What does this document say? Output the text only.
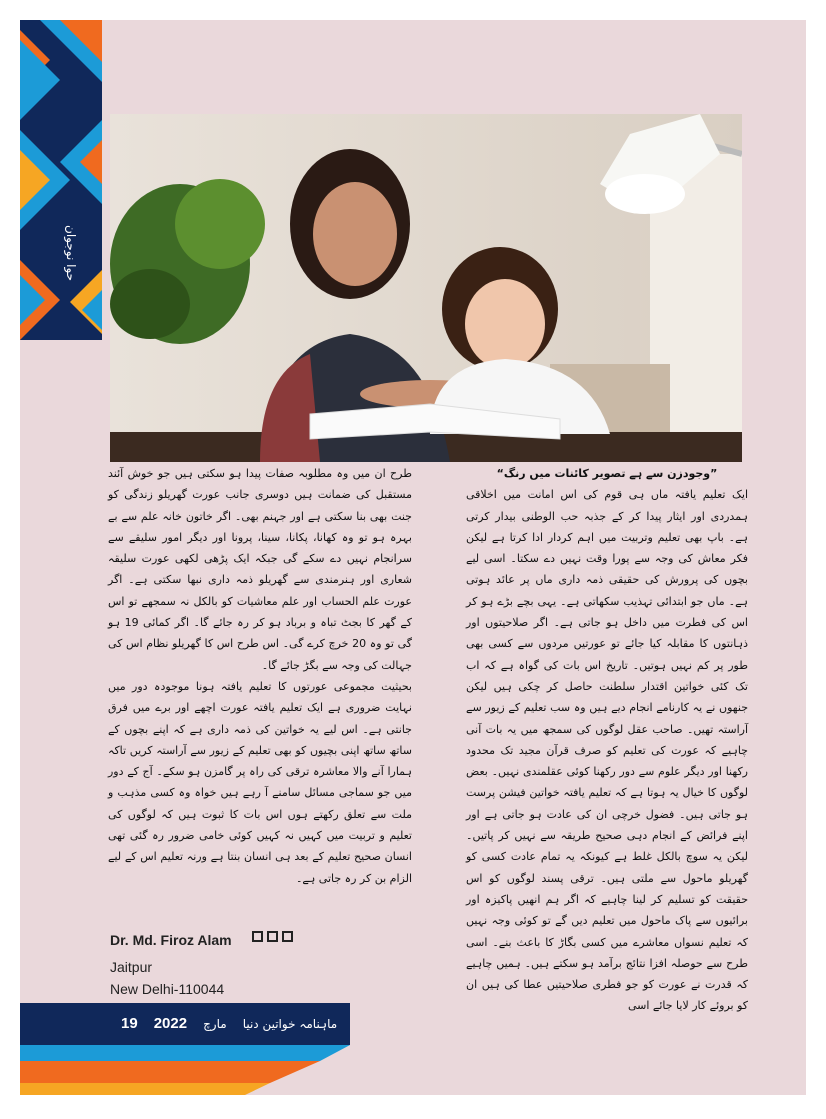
حوا نوجوان

”وجودزن سے ہے تصویر کائنات میں رنگ“

ایک تعلیم یافتہ ماں ہی قوم کی اس امانت میں اخلاقی ہمدردی اور ایثار پیدا کر کے جذبہ حب الوطنی بیدار کرتی ہے۔ باپ بھی تعلیم وتربیت میں اہم کردار ادا کرتا ہے لیکن فکر معاش کی وجہ سے پورا وقت نہیں دے سکتا۔ اسی لیے بچوں کی پرورش کی حقیقی ذمہ داری ماں پر عائد ہوتی ہے۔ ماں جو ابتدائی تہذیب سکھاتی ہے۔ یہی بچے بڑے ہو کر اس کی فطرت میں داخل ہو جاتی ہے۔ اگر صلاحیتوں اور ذہانتوں کا مقابلہ کیا جائے تو عورتیں مردوں سے کسی بھی طور پر کم نہیں ہوتیں۔ تاریخ اس بات کی گواہ ہے کہ اب تک کئی خواتین اقتدار سلطنت حاصل کر چکی ہیں لیکن جنھوں نے یہ کارنامے انجام دیے ہیں وہ سب تعلیم کے زیور سے آراستہ تھیں۔ صاحب عقل لوگوں کی سمجھ میں یہ بات آنی چاہیے کہ عورت کی تعلیم کو صرف قرآن مجید تک محدود رکھنا اور دیگر علوم سے دور رکھنا کوئی عقلمندی نہیں۔ بعض لوگوں کا خیال یہ ہوتا ہے کہ تعلیم یافتہ خواتین فیشن پرست ہو جاتی ہیں۔ فضول خرچی ان کی عادت ہو جاتی ہے اور اپنے فرائض کے انجام دہی صحیح طریقہ سے نہیں کر پاتیں۔ لیکن یہ سوچ بالکل غلط ہے کیونکہ یہ تمام عادت کسی کو گھریلو ماحول سے ملتی ہیں۔ ترقی پسند لوگوں کو اس حقیقت کو تسلیم کر لینا چاہیے کہ اگر ہم انھیں پاکیزہ اور برائیوں سے پاک ماحول میں تعلیم دیں گے تو کوئی وجہ نہیں کہ تعلیم نسواں معاشرے میں کسی بگاڑ کا باعث بنے۔ اسی طرح سے حوصلہ افزا نتائج برآمد ہو سکتے ہیں۔ ہمیں چاہیے کہ قدرت نے عورت کو جو فطری صلاحیتیں عطا کی ہیں ان کو بروئے کار لایا جائے اسی

طرح ان میں وہ مطلوبہ صفات پیدا ہو سکتی ہیں جو خوش آئند مستقبل کی ضمانت ہیں دوسری جانب عورت گھریلو زندگی کو جنت بھی بنا سکتی ہے اور جہنم بھی۔ اگر خاتون خانہ علم سے بے بہرہ ہو تو وہ کھانا، پکانا، سینا، پرونا اور دیگر امور سلیقے سے سرانجام نہیں دے سکے گی جبکہ ایک پڑھی لکھی عورت سلیقہ شعاری اور ہنرمندی سے گھریلو ذمہ داری نبھا سکتی ہے۔ اگر عورت علم الحساب اور علم معاشیات کو بالکل نہ سمجھے تو اس کے گھر کا بجٹ تباہ و برباد ہو کر رہ جائے گا۔ اگر کمائی 19 ہو گی تو وہ 20 خرچ کرے گی۔ اس طرح اس کا گھریلو نظام اس کی جہالت کی وجہ سے بگڑ جائے گا۔

بحیثیت مجموعی عورتوں کا تعلیم یافتہ ہونا موجودہ دور میں نہایت ضروری ہے ایک تعلیم یافتہ عورت اچھے اور برے میں فرق جانتی ہے۔ اس لیے یہ خواتین کی ذمہ داری ہے کہ اپنے بچوں کے ساتھ ساتھ اپنی بچیوں کو بھی تعلیم کے زیور سے آراستہ کریں تاکہ ہمارا آنے والا معاشرہ ترقی کی راہ پر گامزن ہو سکے۔ آج کے دور میں جو سماجی مسائل سامنے آ رہے ہیں خواہ وہ کسی مذہب و ملت سے تعلق رکھتے ہوں اس بات کا ثبوت ہیں کہ لوگوں کی تعلیم و تربیت میں کہیں نہ کہیں کوئی خامی ضرور رہ گئی تھی انسان صحیح تعلیم کے بعد ہی انسان بنتا ہے ورنہ تعلیم اس کے لیے الزام بن کر رہ جاتی ہے۔

Dr. Md. Firoz Alam
Jaitpur
New Delhi-110044
19 2022 مارچ ماہنامہ خواتین دنیا
